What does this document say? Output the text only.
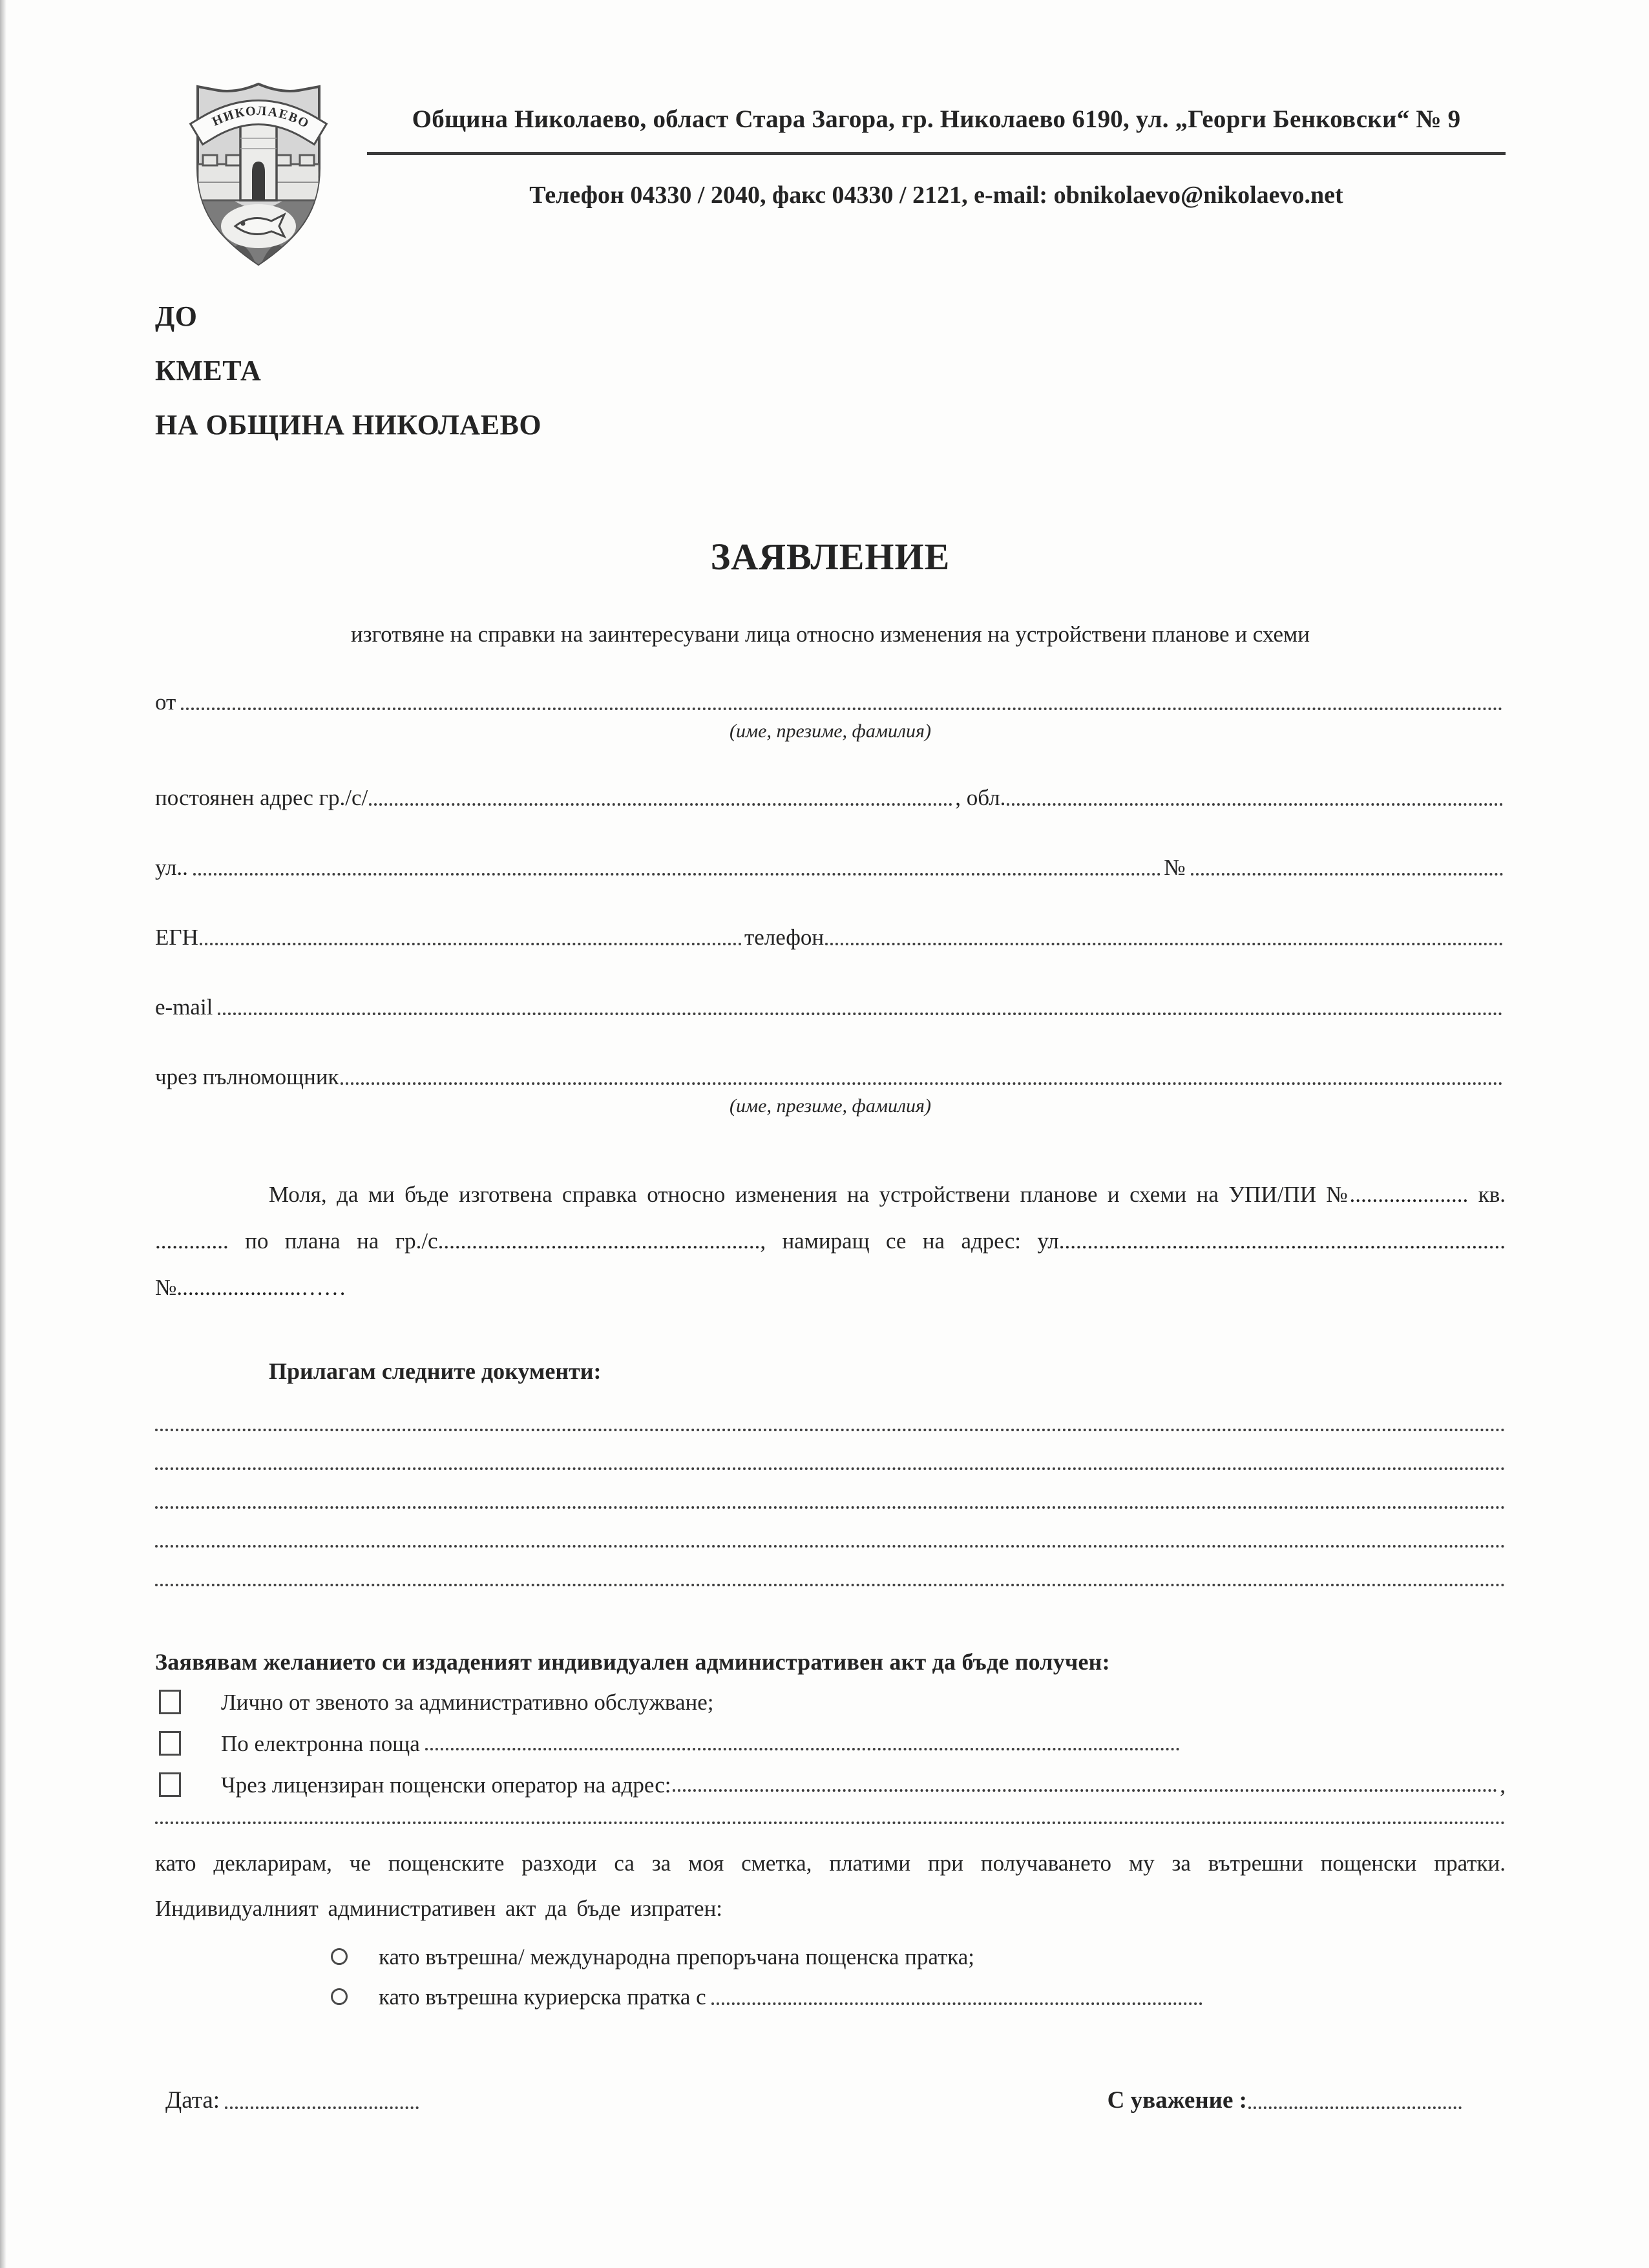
НИКОЛАЕВО	Община Николаево, област Стара Загора, гр. Николаево 6190, ул. „Георги Бенковски“ № 9
Телефон 04330 / 2040, факс 04330 / 2121, e-mail: obnikolaevo@nikolaevo.net
ДО
КМЕТА
НА ОБЩИНА НИКОЛАЕВО
ЗАЯВЛЕНИЕ
изготвяне на справки на заинтересувани лица относно изменения на устройствени планове и схеми
от
(име, презиме, фамилия)
постоянен адрес гр./с/	, обл.
ул..	№
ЕГН	телефон
e-mail
чрез пълномощник
(име, презиме, фамилия)

Моля, да ми бъде изготвена справка относно изменения на устройствени планове и схеми на УПИ/ПИ №..................... кв. ............. по плана на гр./с........................................................., намиращ се на адрес: ул...............................................................................№......................……

Прилагам следните документи:

Заявявам желанието си издаденият индивидуален административен акт да бъде получен:

Лично от звеното за административно обслужване;
По електронна поща
Чрез лицензиран пощенски оператор на адрес:	,

като декларирам, че пощенските разходи са за моя сметка, платими при получаването му за вътрешни пощенски пратки. Индивидуалният административен акт да бъде изпратен:

като вътрешна/ международна препоръчана пощенска пратка;
като вътрешна куриерска пратка с
Дата:	С уважение :
